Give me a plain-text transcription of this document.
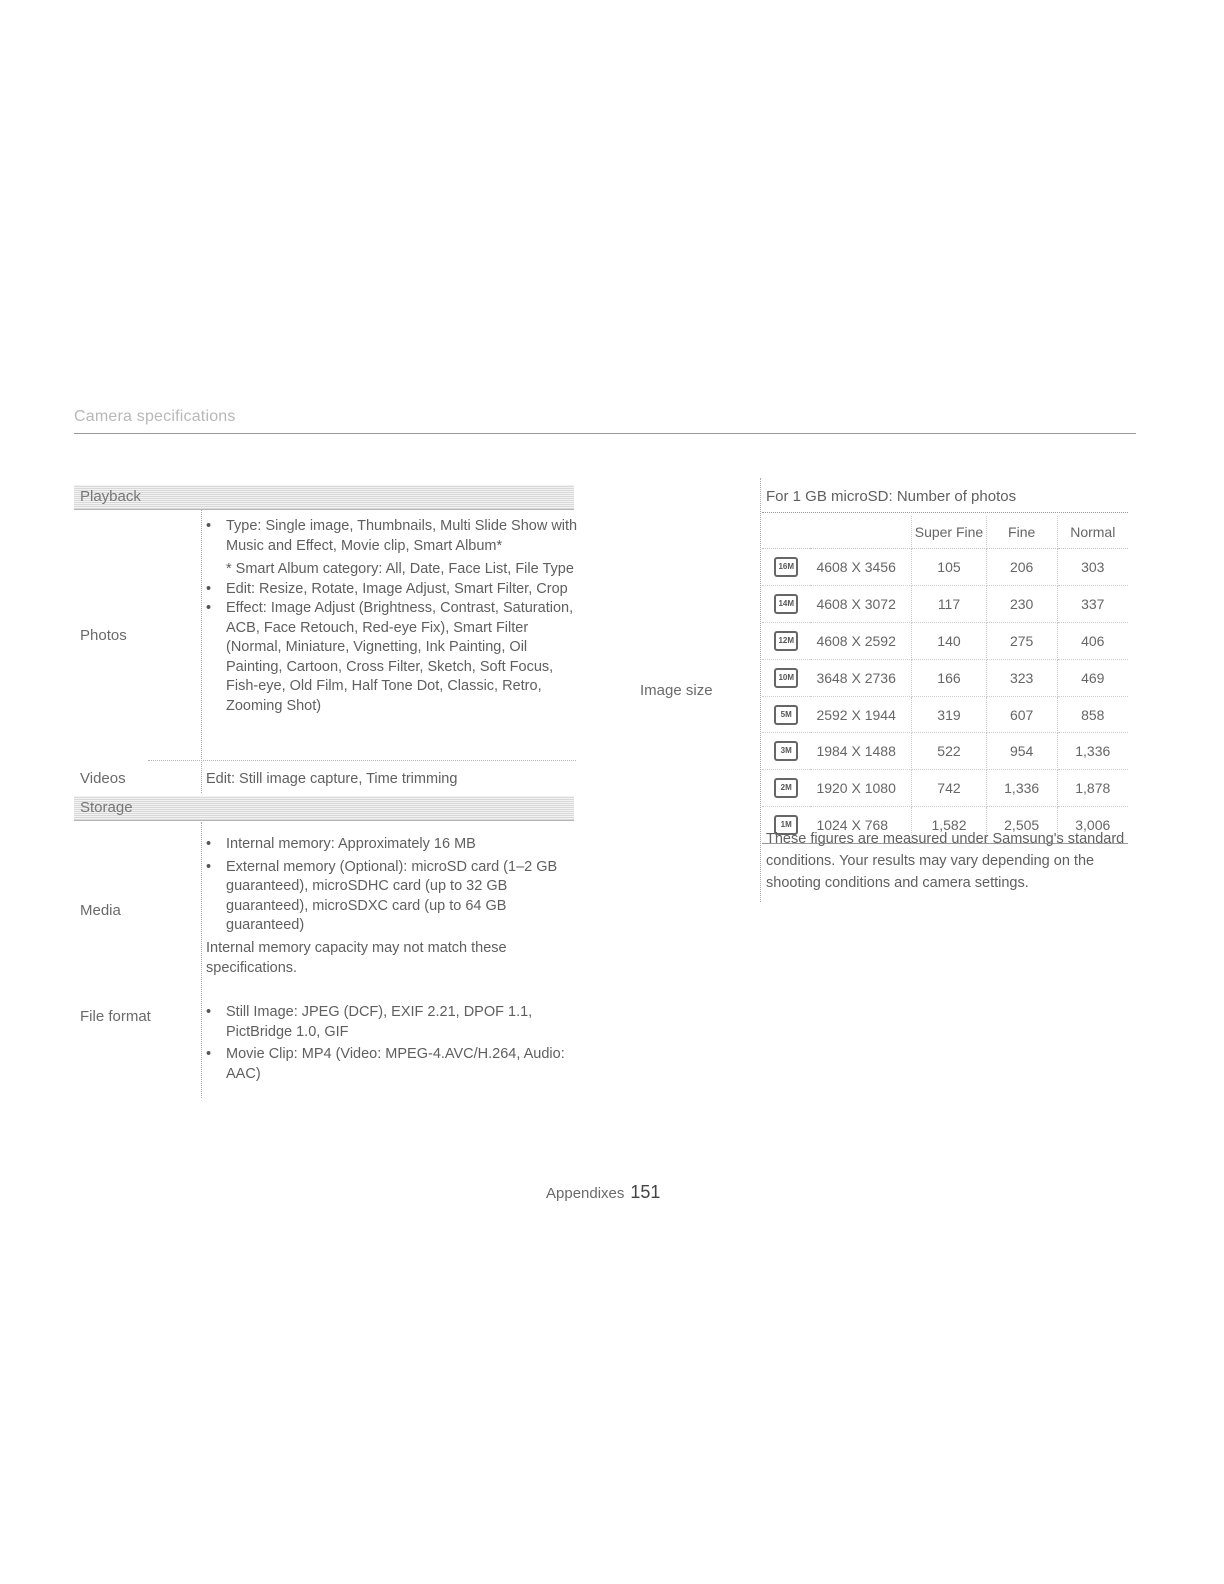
Camera specifications
Playback
Photos
• Type: Single image, Thumbnails, Multi Slide Show with Music and Effect, Movie clip, Smart Album*
* Smart Album category: All, Date, Face List, File Type
• Edit: Resize, Rotate, Image Adjust, Smart Filter, Crop
• Effect: Image Adjust (Brightness, Contrast, Saturation, ACB, Face Retouch, Red-eye Fix), Smart Filter (Normal, Miniature, Vignetting, Ink Painting, Oil Painting, Cartoon, Cross Filter, Sketch, Soft Focus, Fish-eye, Old Film, Half Tone Dot, Classic, Retro, Zooming Shot)
Videos	Edit: Still image capture, Time trimming
Storage
Media
• Internal memory: Approximately 16 MB
• External memory (Optional): microSD card (1–2 GB guaranteed), microSDHC card (up to 32 GB guaranteed), microSDXC card (up to 64 GB guaranteed)
Internal memory capacity may not match these specifications.
File format	• Still Image: JPEG (DCF), EXIF 2.21, DPOF 1.1, PictBridge 1.0, GIF
• Movie Clip: MP4 (Video: MPEG-4.AVC/H.264, Audio: AAC)
Image size
For 1 GB microSD: Number of photos
		Super Fine	Fine	Normal
16M	4608 X 3456	105	206	303
14M	4608 X 3072	117	230	337
12M	4608 X 2592	140	275	406
10M	3648 X 2736	166	323	469
5M	2592 X 1944	319	607	858
3M	1984 X 1488	522	954	1,336
2M	1920 X 1080	742	1,336	1,878
1M	1024 X 768	1,582	2,505	3,006
These figures are measured under Samsung's standard conditions. Your results may vary depending on the shooting conditions and camera settings.
Appendixes 151
